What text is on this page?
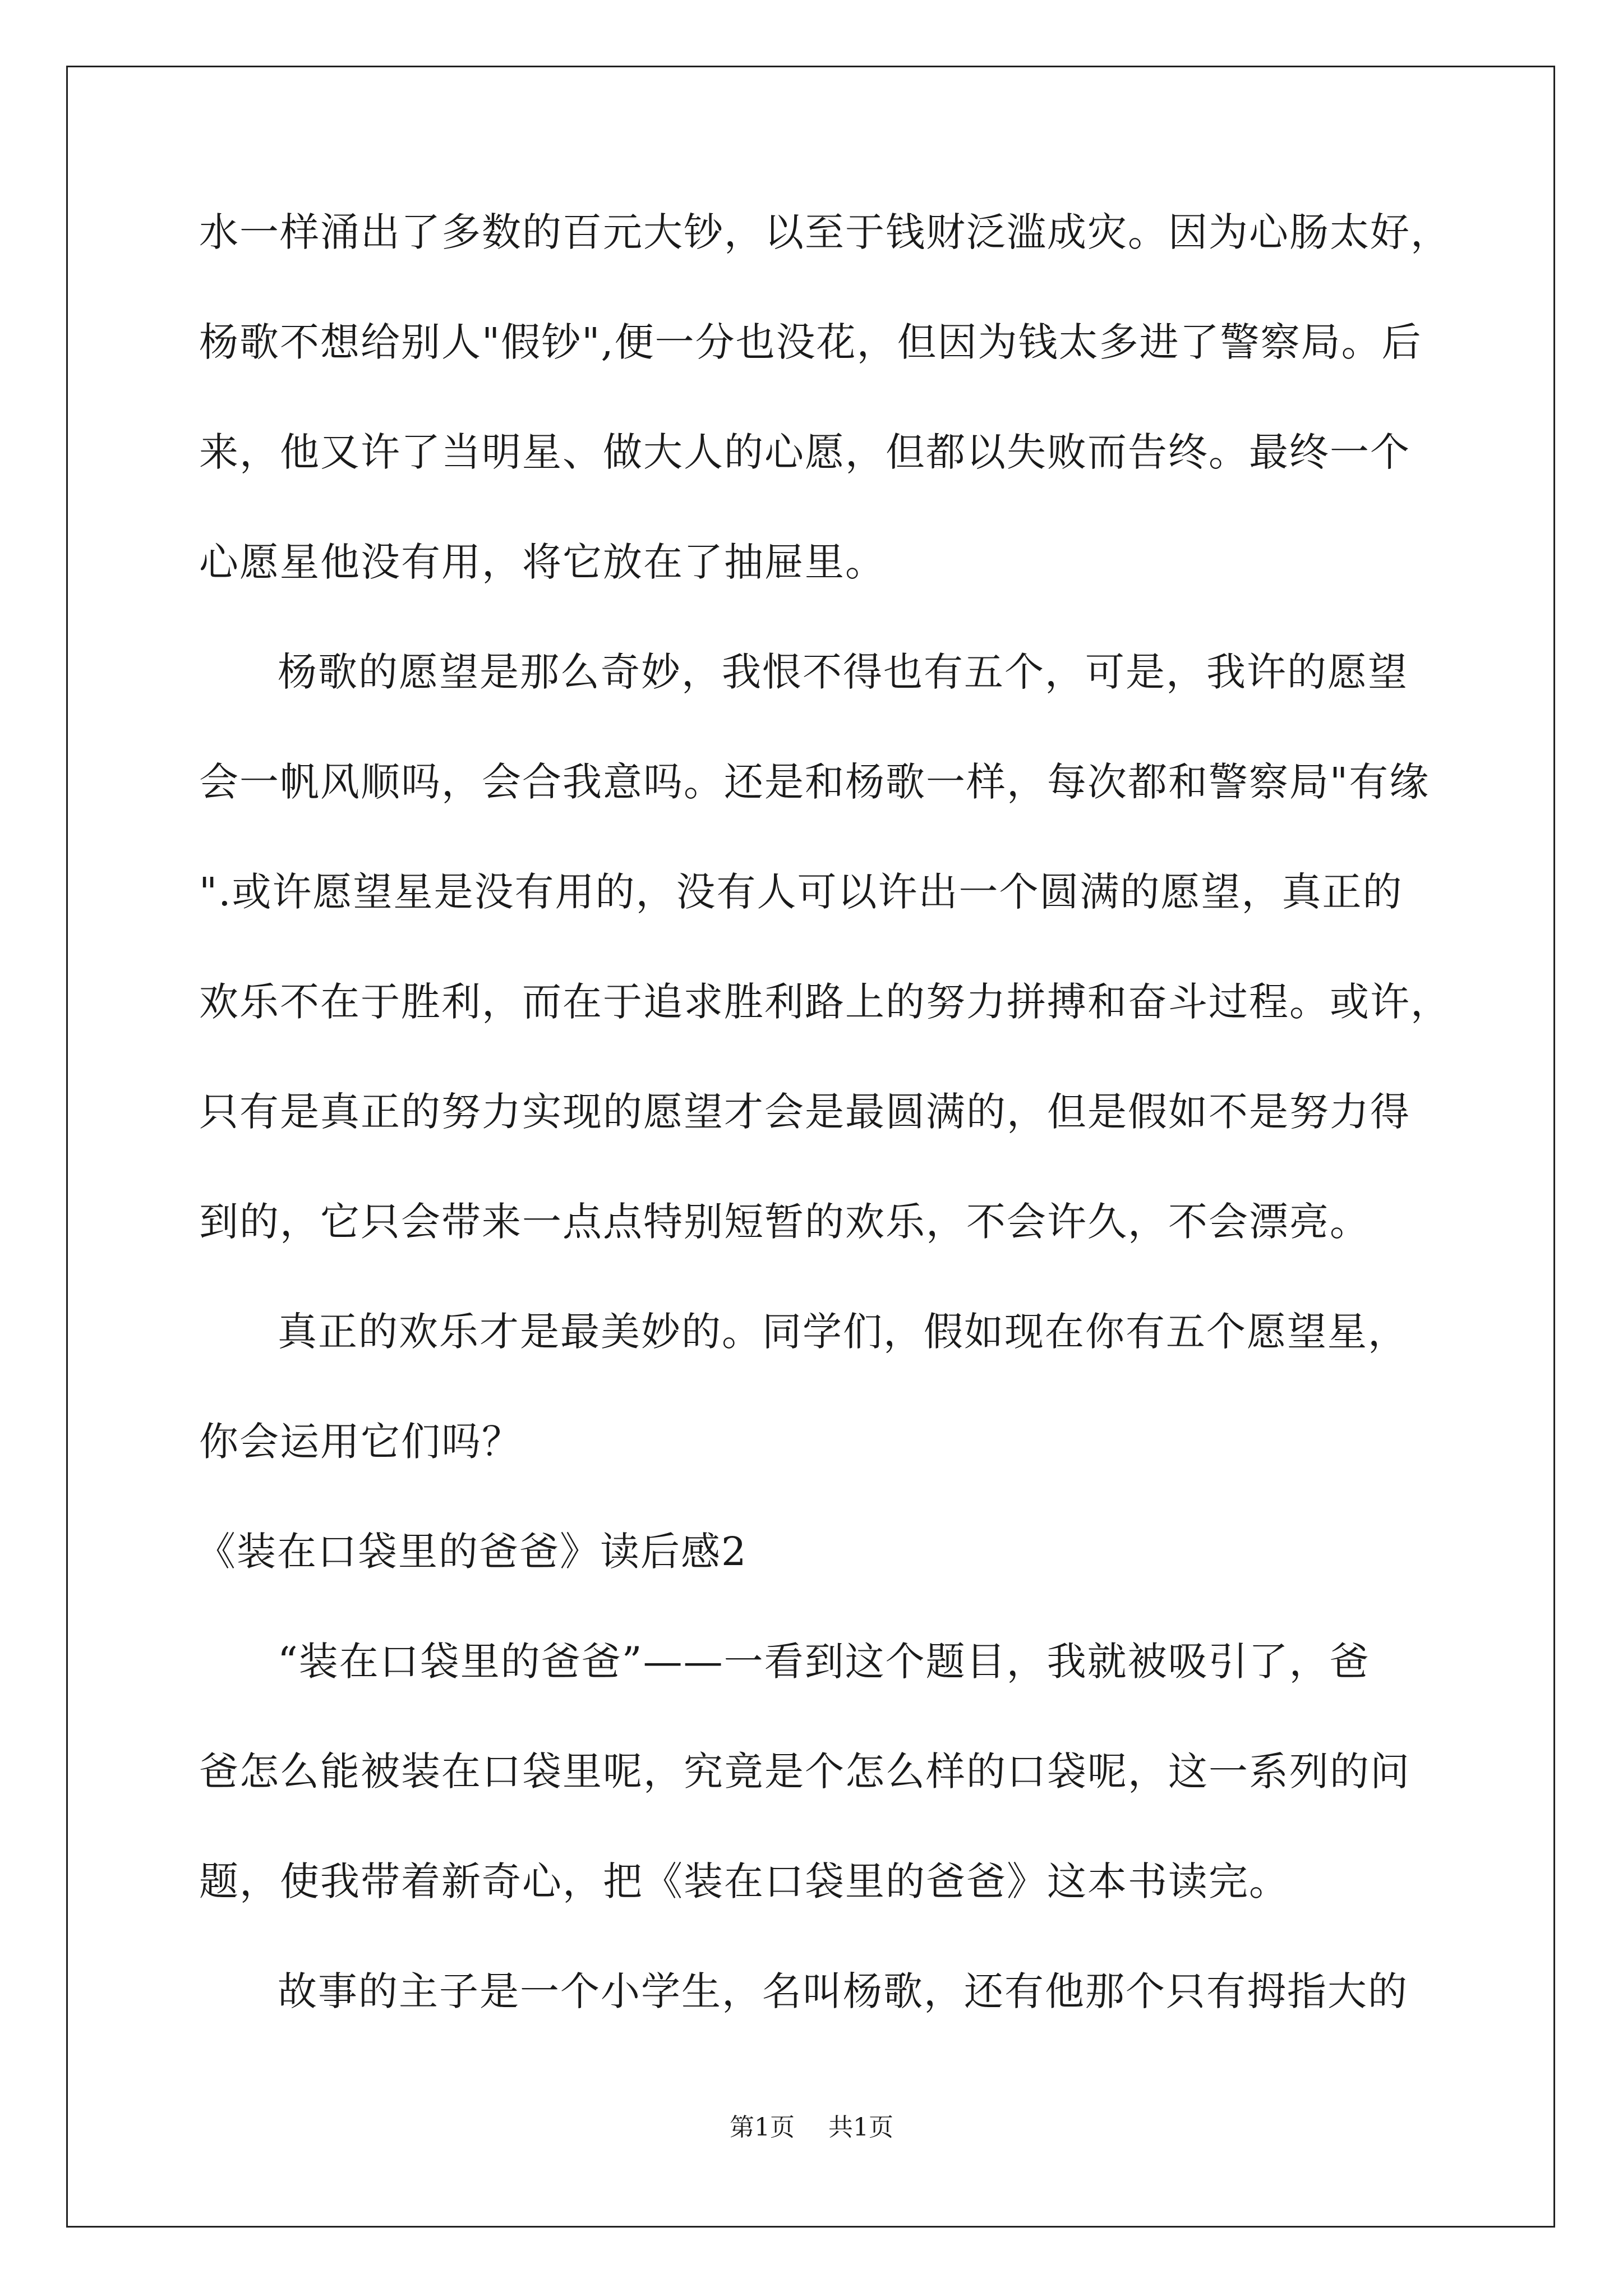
水一样涌出了多数的百元大钞，以至于钱财泛滥成灾。因为心肠太好，
杨歌不想给别人"假钞",便一分也没花，但因为钱太多进了警察局。后
来，他又许了当明星、做大人的心愿，但都以失败而告终。最终一个
心愿星他没有用，将它放在了抽屉里。
杨歌的愿望是那么奇妙，我恨不得也有五个，可是，我许的愿望
会一帆风顺吗，会合我意吗。还是和杨歌一样，每次都和警察局"有缘
".或许愿望星是没有用的，没有人可以许出一个圆满的愿望，真正的
欢乐不在于胜利，而在于追求胜利路上的努力拼搏和奋斗过程。或许，
只有是真正的努力实现的愿望才会是最圆满的，但是假如不是努力得
到的，它只会带来一点点特别短暂的欢乐，不会许久，不会漂亮。
真正的欢乐才是最美妙的。同学们，假如现在你有五个愿望星，
你会运用它们吗？
《装在口袋里的爸爸》读后感2
“装在口袋里的爸爸”——一看到这个题目，我就被吸引了，爸
爸怎么能被装在口袋里呢，究竟是个怎么样的口袋呢，这一系列的问
题，使我带着新奇心，把《装在口袋里的爸爸》这本书读完。
故事的主子是一个小学生，名叫杨歌，还有他那个只有拇指大的
第1页 共1页
